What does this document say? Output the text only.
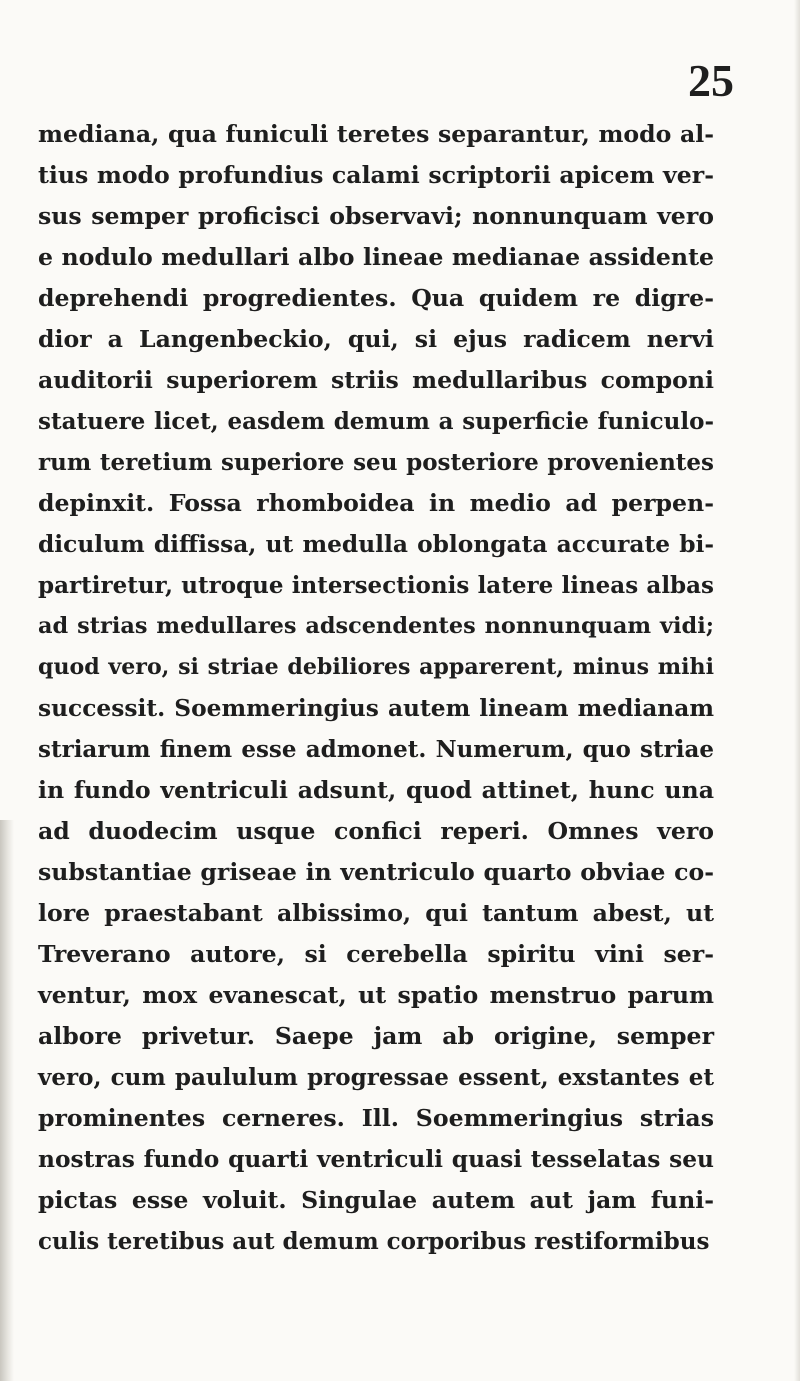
25
mediana, qua funiculi teretes separantur, modo al-
tius modo profundius calami scriptorii apicem ver-
sus semper proficisci observavi; nonnunquam vero
e nodulo medullari albo lineae medianae assidente
deprehendi progredientes. Qua quidem re digre-
dior a Langenbeckio, qui, si ejus radicem nervi
auditorii superiorem striis medullaribus componi
statuere licet, easdem demum a superficie funiculo-
rum teretium superiore seu posteriore provenientes
depinxit. Fossa rhomboidea in medio ad perpen-
diculum diffissa, ut medulla oblongata accurate bi-
partiretur, utroque intersectionis latere lineas albas
ad strias medullares adscendentes nonnunquam vidi;
quod vero, si striae debiliores apparerent, minus mihi
successit. Soemmeringius autem lineam medianam
striarum finem esse admonet. Numerum, quo striae
in fundo ventriculi adsunt, quod attinet, hunc una
ad duodecim usque confici reperi. Omnes vero
substantiae griseae in ventriculo quarto obviae co-
lore praestabant albissimo, qui tantum abest, ut
Treverano autore, si cerebella spiritu vini ser-
ventur, mox evanescat, ut spatio menstruo parum
albore privetur. Saepe jam ab origine, semper
vero, cum paululum progressae essent, exstantes et
prominentes cerneres. Ill. Soemmeringius strias
nostras fundo quarti ventriculi quasi tesselatas seu
pictas esse voluit. Singulae autem aut jam funi-
culis teretibus aut demum corporibus restiformibus
